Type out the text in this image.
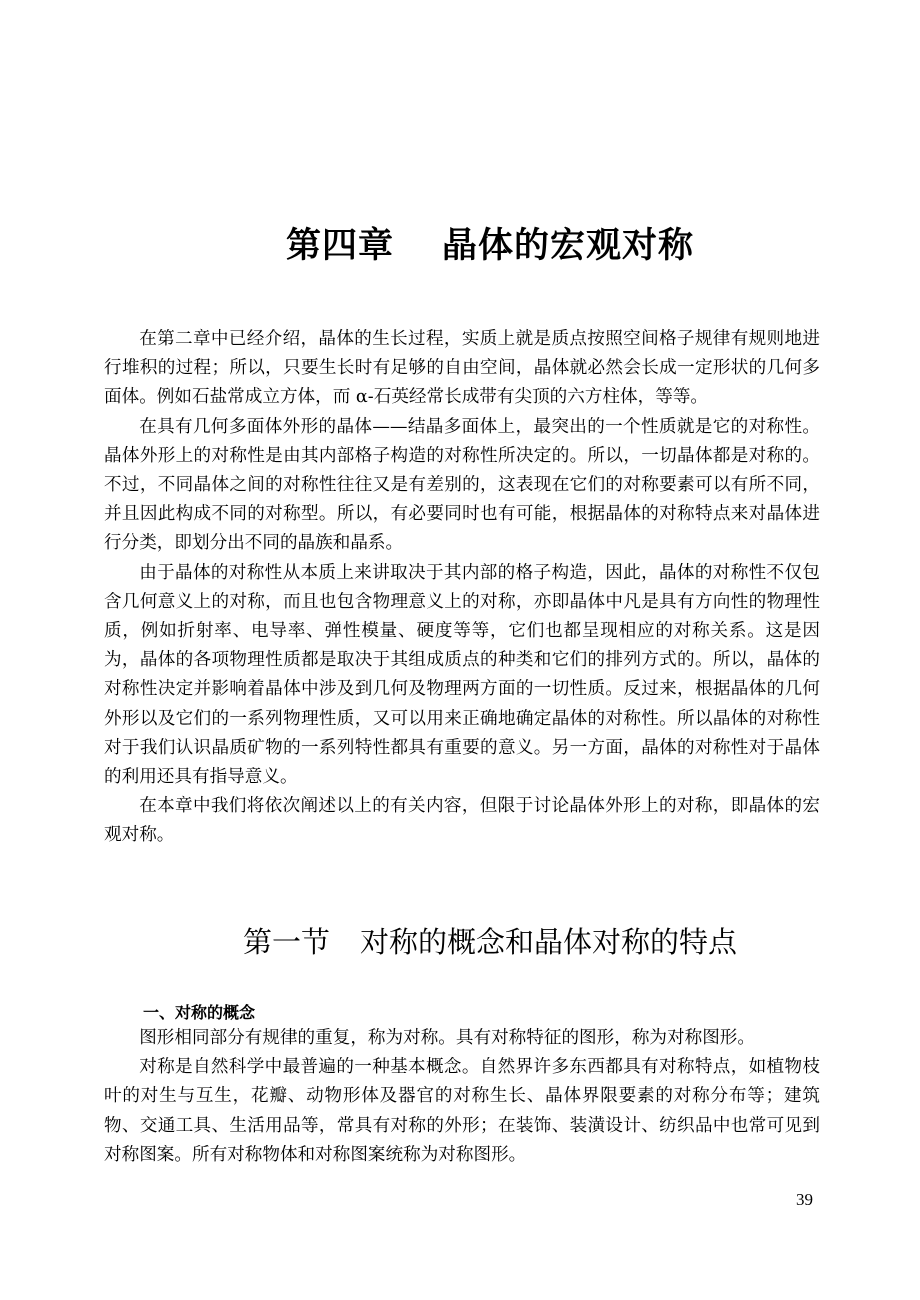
第四章 晶体的宏观对称

在第二章中已经介绍，晶体的生长过程，实质上就是质点按照空间格子规律有规则地进行堆积的过程；所以，只要生长时有足够的自由空间，晶体就必然会长成一定形状的几何多面体。例如石盐常成立方体，而 α-石英经常长成带有尖顶的六方柱体，等等。

在具有几何多面体外形的晶体——结晶多面体上，最突出的一个性质就是它的对称性。晶体外形上的对称性是由其内部格子构造的对称性所决定的。所以，一切晶体都是对称的。不过，不同晶体之间的对称性往往又是有差别的，这表现在它们的对称要素可以有所不同，并且因此构成不同的对称型。所以，有必要同时也有可能，根据晶体的对称特点来对晶体进行分类，即划分出不同的晶族和晶系。

由于晶体的对称性从本质上来讲取决于其内部的格子构造，因此，晶体的对称性不仅包含几何意义上的对称，而且也包含物理意义上的对称，亦即晶体中凡是具有方向性的物理性质，例如折射率、电导率、弹性模量、硬度等等，它们也都呈现相应的对称关系。这是因为，晶体的各项物理性质都是取决于其组成质点的种类和它们的排列方式的。所以，晶体的对称性决定并影响着晶体中涉及到几何及物理两方面的一切性质。反过来，根据晶体的几何外形以及它们的一系列物理性质，又可以用来正确地确定晶体的对称性。所以晶体的对称性对于我们认识晶质矿物的一系列特性都具有重要的意义。另一方面，晶体的对称性对于晶体的利用还具有指导意义。

在本章中我们将依次阐述以上的有关内容，但限于讨论晶体外形上的对称，即晶体的宏观对称。

第一节 对称的概念和晶体对称的特点
一、对称的概念

图形相同部分有规律的重复，称为对称。具有对称特征的图形，称为对称图形。

对称是自然科学中最普遍的一种基本概念。自然界许多东西都具有对称特点，如植物枝叶的对生与互生，花瓣、动物形体及器官的对称生长、晶体界限要素的对称分布等；建筑物、交通工具、生活用品等，常具有对称的外形；在装饰、装潢设计、纺织品中也常可见到对称图案。所有对称物体和对称图案统称为对称图形。

39
